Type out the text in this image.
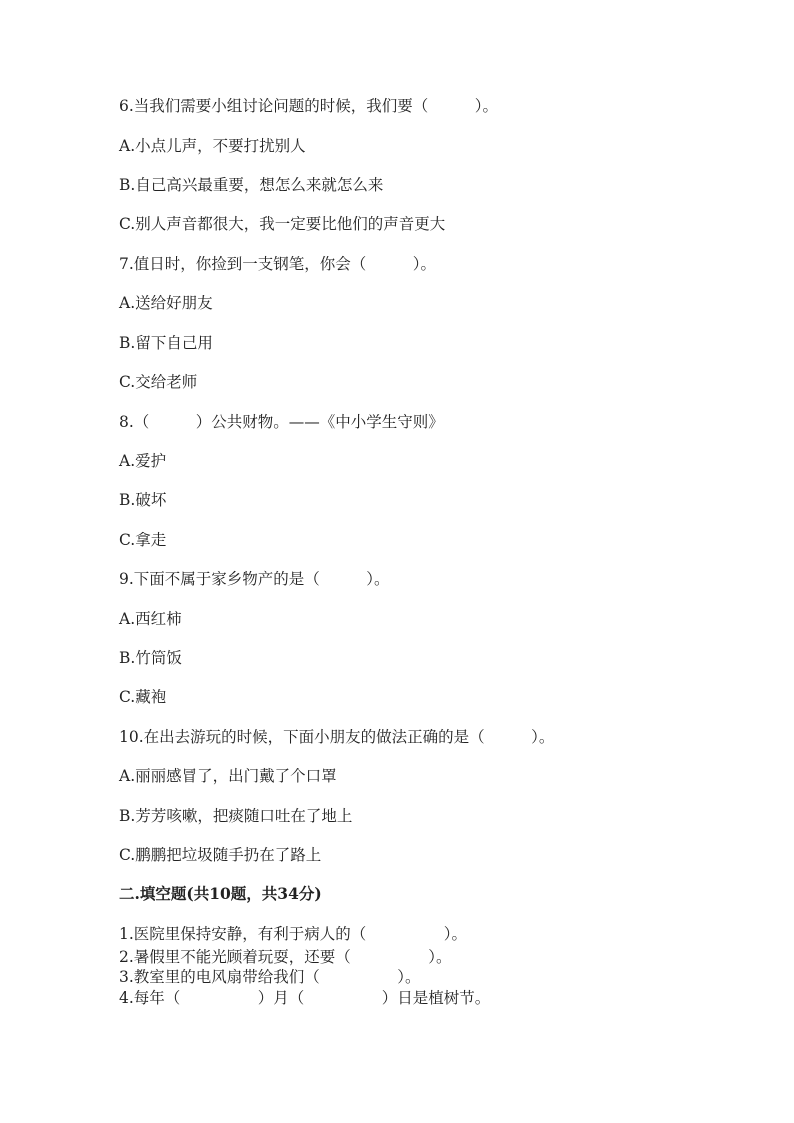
6.当我们需要小组讨论问题的时候，我们要（　　　）。
A.小点儿声，不要打扰别人
B.自己高兴最重要，想怎么来就怎么来
C.别人声音都很大，我一定要比他们的声音更大
7.值日时，你捡到一支钢笔，你会（　　　）。
A.送给好朋友
B.留下自己用
C.交给老师
8.（　　　）公共财物。——《中小学生守则》
A.爱护
B.破坏
C.拿走
9.下面不属于家乡物产的是（　　　）。
A.西红柿
B.竹筒饭
C.藏袍
10.在出去游玩的时候，下面小朋友的做法正确的是（　　　）。
A.丽丽感冒了，出门戴了个口罩
B.芳芳咳嗽，把痰随口吐在了地上
C.鹏鹏把垃圾随手扔在了路上
二.填空题(共10题，共34分)
1.医院里保持安静，有利于病人的（　　　　　）。
2.暑假里不能光顾着玩耍，还要（　　　　　）。
3.教室里的电风扇带给我们（　　　　　）。
4.每年（　　　　　）月（　　　　　）日是植树节。
